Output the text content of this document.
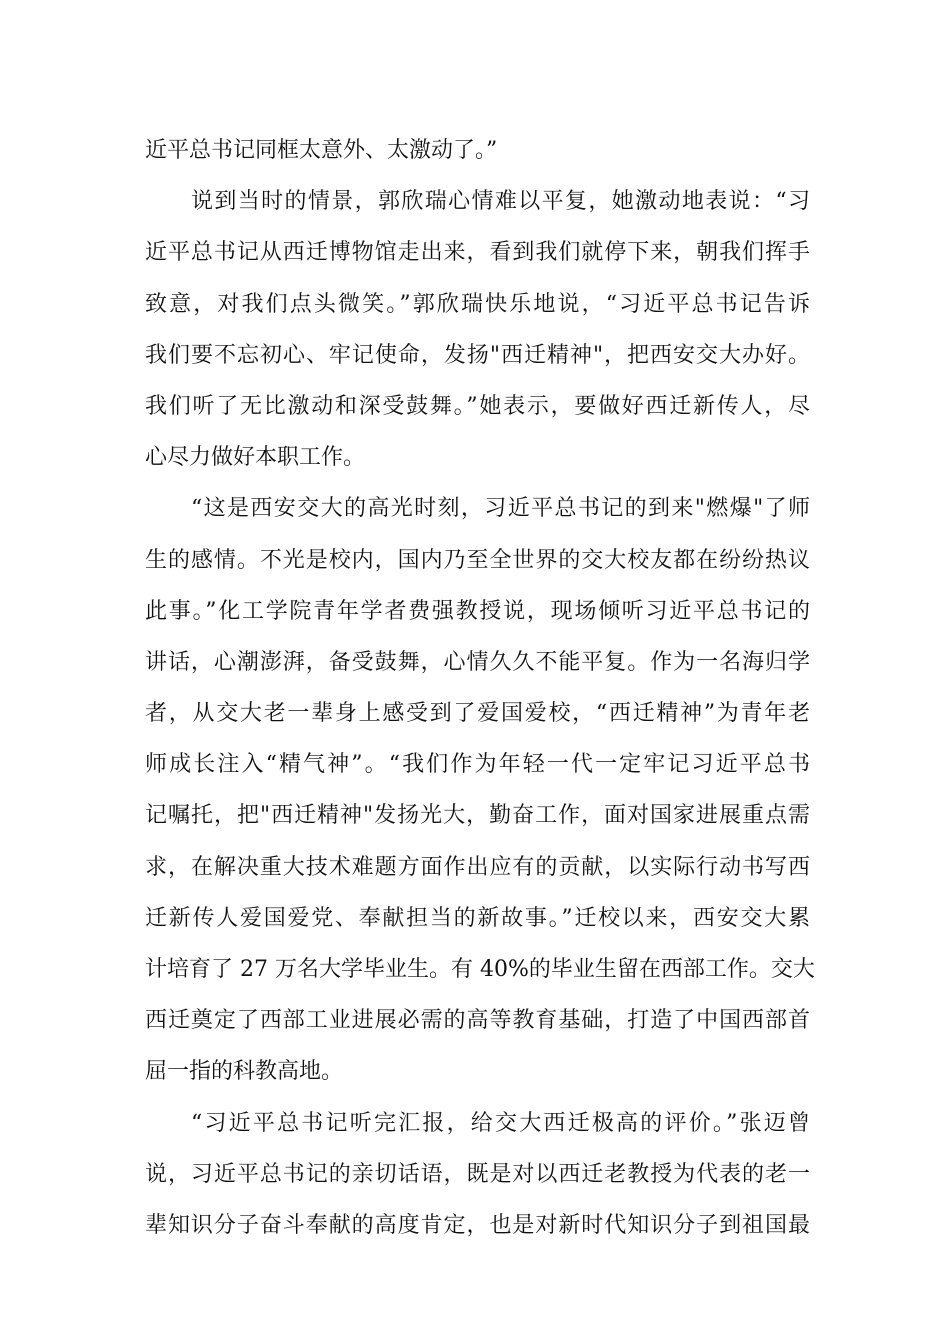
近平总书记同框太意外、太激动了。”
说到当时的情景，郭欣瑞心情难以平复，她激动地表说：“习
近平总书记从西迁博物馆走出来，看到我们就停下来，朝我们挥手
致意，对我们点头微笑。”郭欣瑞快乐地说，“习近平总书记告诉
我们要不忘初心、牢记使命，发扬"西迁精神"，把西安交大办好。
我们听了无比激动和深受鼓舞。”她表示，要做好西迁新传人，尽
心尽力做好本职工作。
“这是西安交大的高光时刻，习近平总书记的到来"燃爆"了师
生的感情。不光是校内，国内乃至全世界的交大校友都在纷纷热议
此事。”化工学院青年学者费强教授说，现场倾听习近平总书记的
讲话，心潮澎湃，备受鼓舞，心情久久不能平复。作为一名海归学
者，从交大老一辈身上感受到了爱国爱校，“西迁精神”为青年老
师成长注入“精气神”。“我们作为年轻一代一定牢记习近平总书
记嘱托，把"西迁精神"发扬光大，勤奋工作，面对国家进展重点需
求，在解决重大技术难题方面作出应有的贡献，以实际行动书写西
迁新传人爱国爱党、奉献担当的新故事。”迁校以来，西安交大累
计培育了 27 万名大学毕业生。有 40%的毕业生留在西部工作。交大
西迁奠定了西部工业进展必需的高等教育基础，打造了中国西部首
屈一指的科教高地。
“习近平总书记听完汇报，给交大西迁极高的评价。”张迈曾
说，习近平总书记的亲切话语，既是对以西迁老教授为代表的老一
辈知识分子奋斗奉献的高度肯定，也是对新时代知识分子到祖国最
